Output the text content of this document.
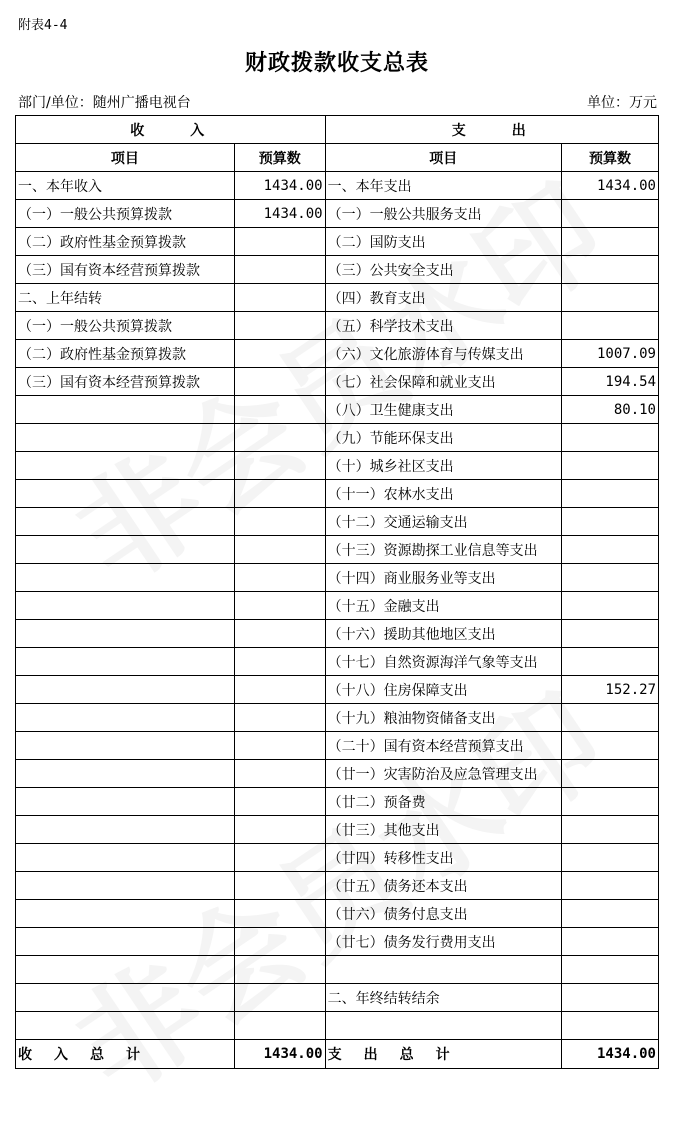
附表4-4
财政拨款收支总表
部门/单位：随州广播电视台	单位：万元
收　　入		支　　出	
项目	预算数	项目	预算数
一、本年收入	1434.00	一、本年支出	1434.00
（一）一般公共预算拨款	1434.00	（一）一般公共服务支出	
（二）政府性基金预算拨款		（二）国防支出	
（三）国有资本经营预算拨款		（三）公共安全支出	
二、上年结转		（四）教育支出	
（一）一般公共预算拨款		（五）科学技术支出	
（二）政府性基金预算拨款		（六）文化旅游体育与传媒支出	1007.09
（三）国有资本经营预算拨款		（七）社会保障和就业支出	194.54
		（八）卫生健康支出	80.10
		（九）节能环保支出	
		（十）城乡社区支出	
		（十一）农林水支出	
		（十二）交通运输支出	
		（十三）资源勘探工业信息等支出	
		（十四）商业服务业等支出	
		（十五）金融支出	
		（十六）援助其他地区支出	
		（十七）自然资源海洋气象等支出	
		（十八）住房保障支出	152.27
		（十九）粮油物资储备支出	
		（二十）国有资本经营预算支出	
		（廿一）灾害防治及应急管理支出	
		（廿二）预备费	
		（廿三）其他支出	
		（廿四）转移性支出	
		（廿五）债务还本支出	
		（廿六）债务付息支出	
		（廿七）债务发行费用支出	

		二、年终结转结余	

收　入　总　计	1434.00	支　出　总　计	1434.00
